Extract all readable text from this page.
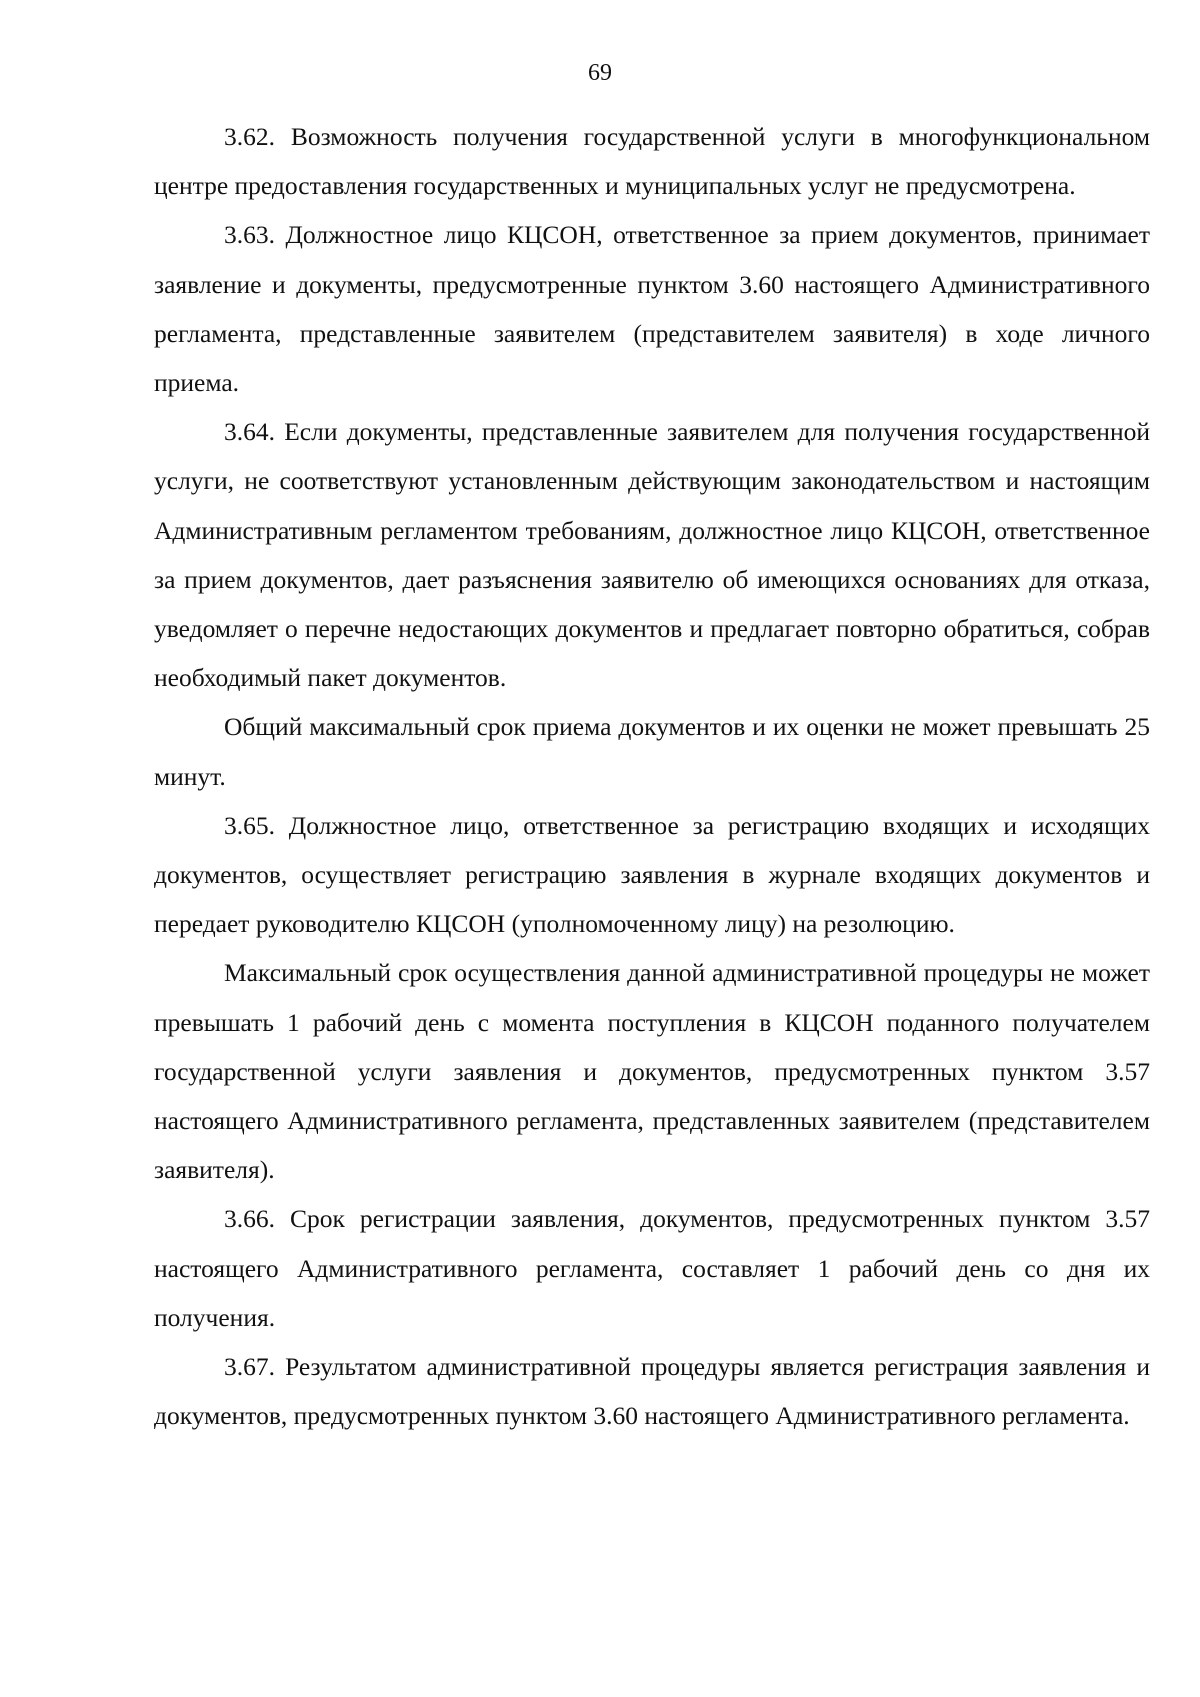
69

3.62. Возможность получения государственной услуги в многофункциональном центре предоставления государственных и муниципальных услуг не предусмотрена.

3.63. Должностное лицо КЦСОН, ответственное за прием документов, принимает заявление и документы, предусмотренные пунктом 3.60 настоящего Административного регламента, представленные заявителем (представителем заявителя) в ходе личного приема.

3.64. Если документы, представленные заявителем для получения государственной услуги, не соответствуют установленным действующим законодательством и настоящим Административным регламентом требованиям, должностное лицо КЦСОН, ответственное за прием документов, дает разъяснения заявителю об имеющихся основаниях для отказа, уведомляет о перечне недостающих документов и предлагает повторно обратиться, собрав необходимый пакет документов.

Общий максимальный срок приема документов и их оценки не может превышать 25 минут.

3.65. Должностное лицо, ответственное за регистрацию входящих и исходящих документов, осуществляет регистрацию заявления в журнале входящих документов и передает руководителю КЦСОН (уполномоченному лицу) на резолюцию.

Максимальный срок осуществления данной административной процедуры не может превышать 1 рабочий день с момента поступления в КЦСОН поданного получателем государственной услуги заявления и документов, предусмотренных пунктом 3.57 настоящего Административного регламента, представленных заявителем (представителем заявителя).

3.66. Срок регистрации заявления, документов, предусмотренных пунктом 3.57 настоящего Административного регламента, составляет 1 рабочий день со дня их получения.

3.67. Результатом административной процедуры является регистрация заявления и документов, предусмотренных пунктом 3.60 настоящего Административного регламента.
